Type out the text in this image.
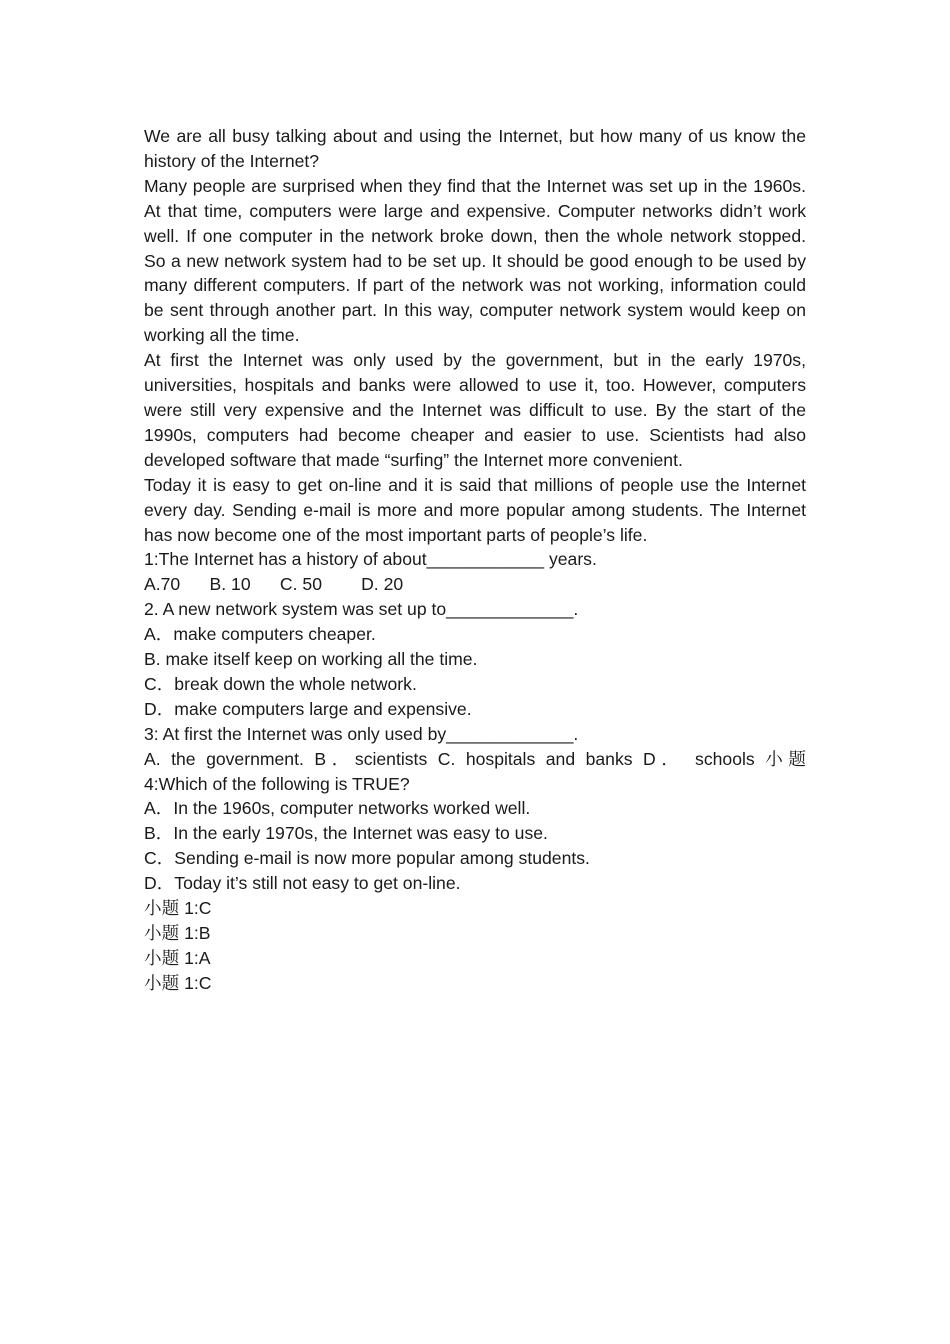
We are all busy talking about and using the Internet, but how many of us know the history of the Internet?

Many people are surprised when they find that the Internet was set up in the 1960s. At that time, computers were large and expensive. Computer networks didn’t work well. If one computer in the network broke down, then the whole network stopped. So a new network system had to be set up. It should be good enough to be used by many different computers. If part of the network was not working, information could be sent through another part. In this way, computer network system would keep on working all the time.

At first the Internet was only used by the government, but in the early 1970s, universities, hospitals and banks were allowed to use it, too. However, computers were still very expensive and the Internet was difficult to use. By the start of the 1990s, computers had become cheaper and easier to use. Scientists had also developed software that made “surfing” the Internet more convenient.

Today it is easy to get on-line and it is said that millions of people use the Internet every day. Sending e-mail is more and more popular among students. The Internet has now become one of the most important parts of people’s life.

1:The Internet has a history of about____________ years.

A.70      B. 10      C. 50        D. 20

2. A new network system was set up to_____________.

A．make computers cheaper.

B. make itself keep on working all the time.

C．break down the whole network.

D．make computers large and expensive.

3: At first the Internet was only used by_____________.

A. the government. B．scientists C. hospitals and banks D． schools 小题

4:Which of the following is TRUE?

A．In the 1960s, computer networks worked well.

B．In the early 1970s, the Internet was easy to use.

C．Sending e-mail is now more popular among students.

D．Today it’s still not easy to get on-line.

小题 1:C

小题 1:B

小题 1:A

小题 1:C
